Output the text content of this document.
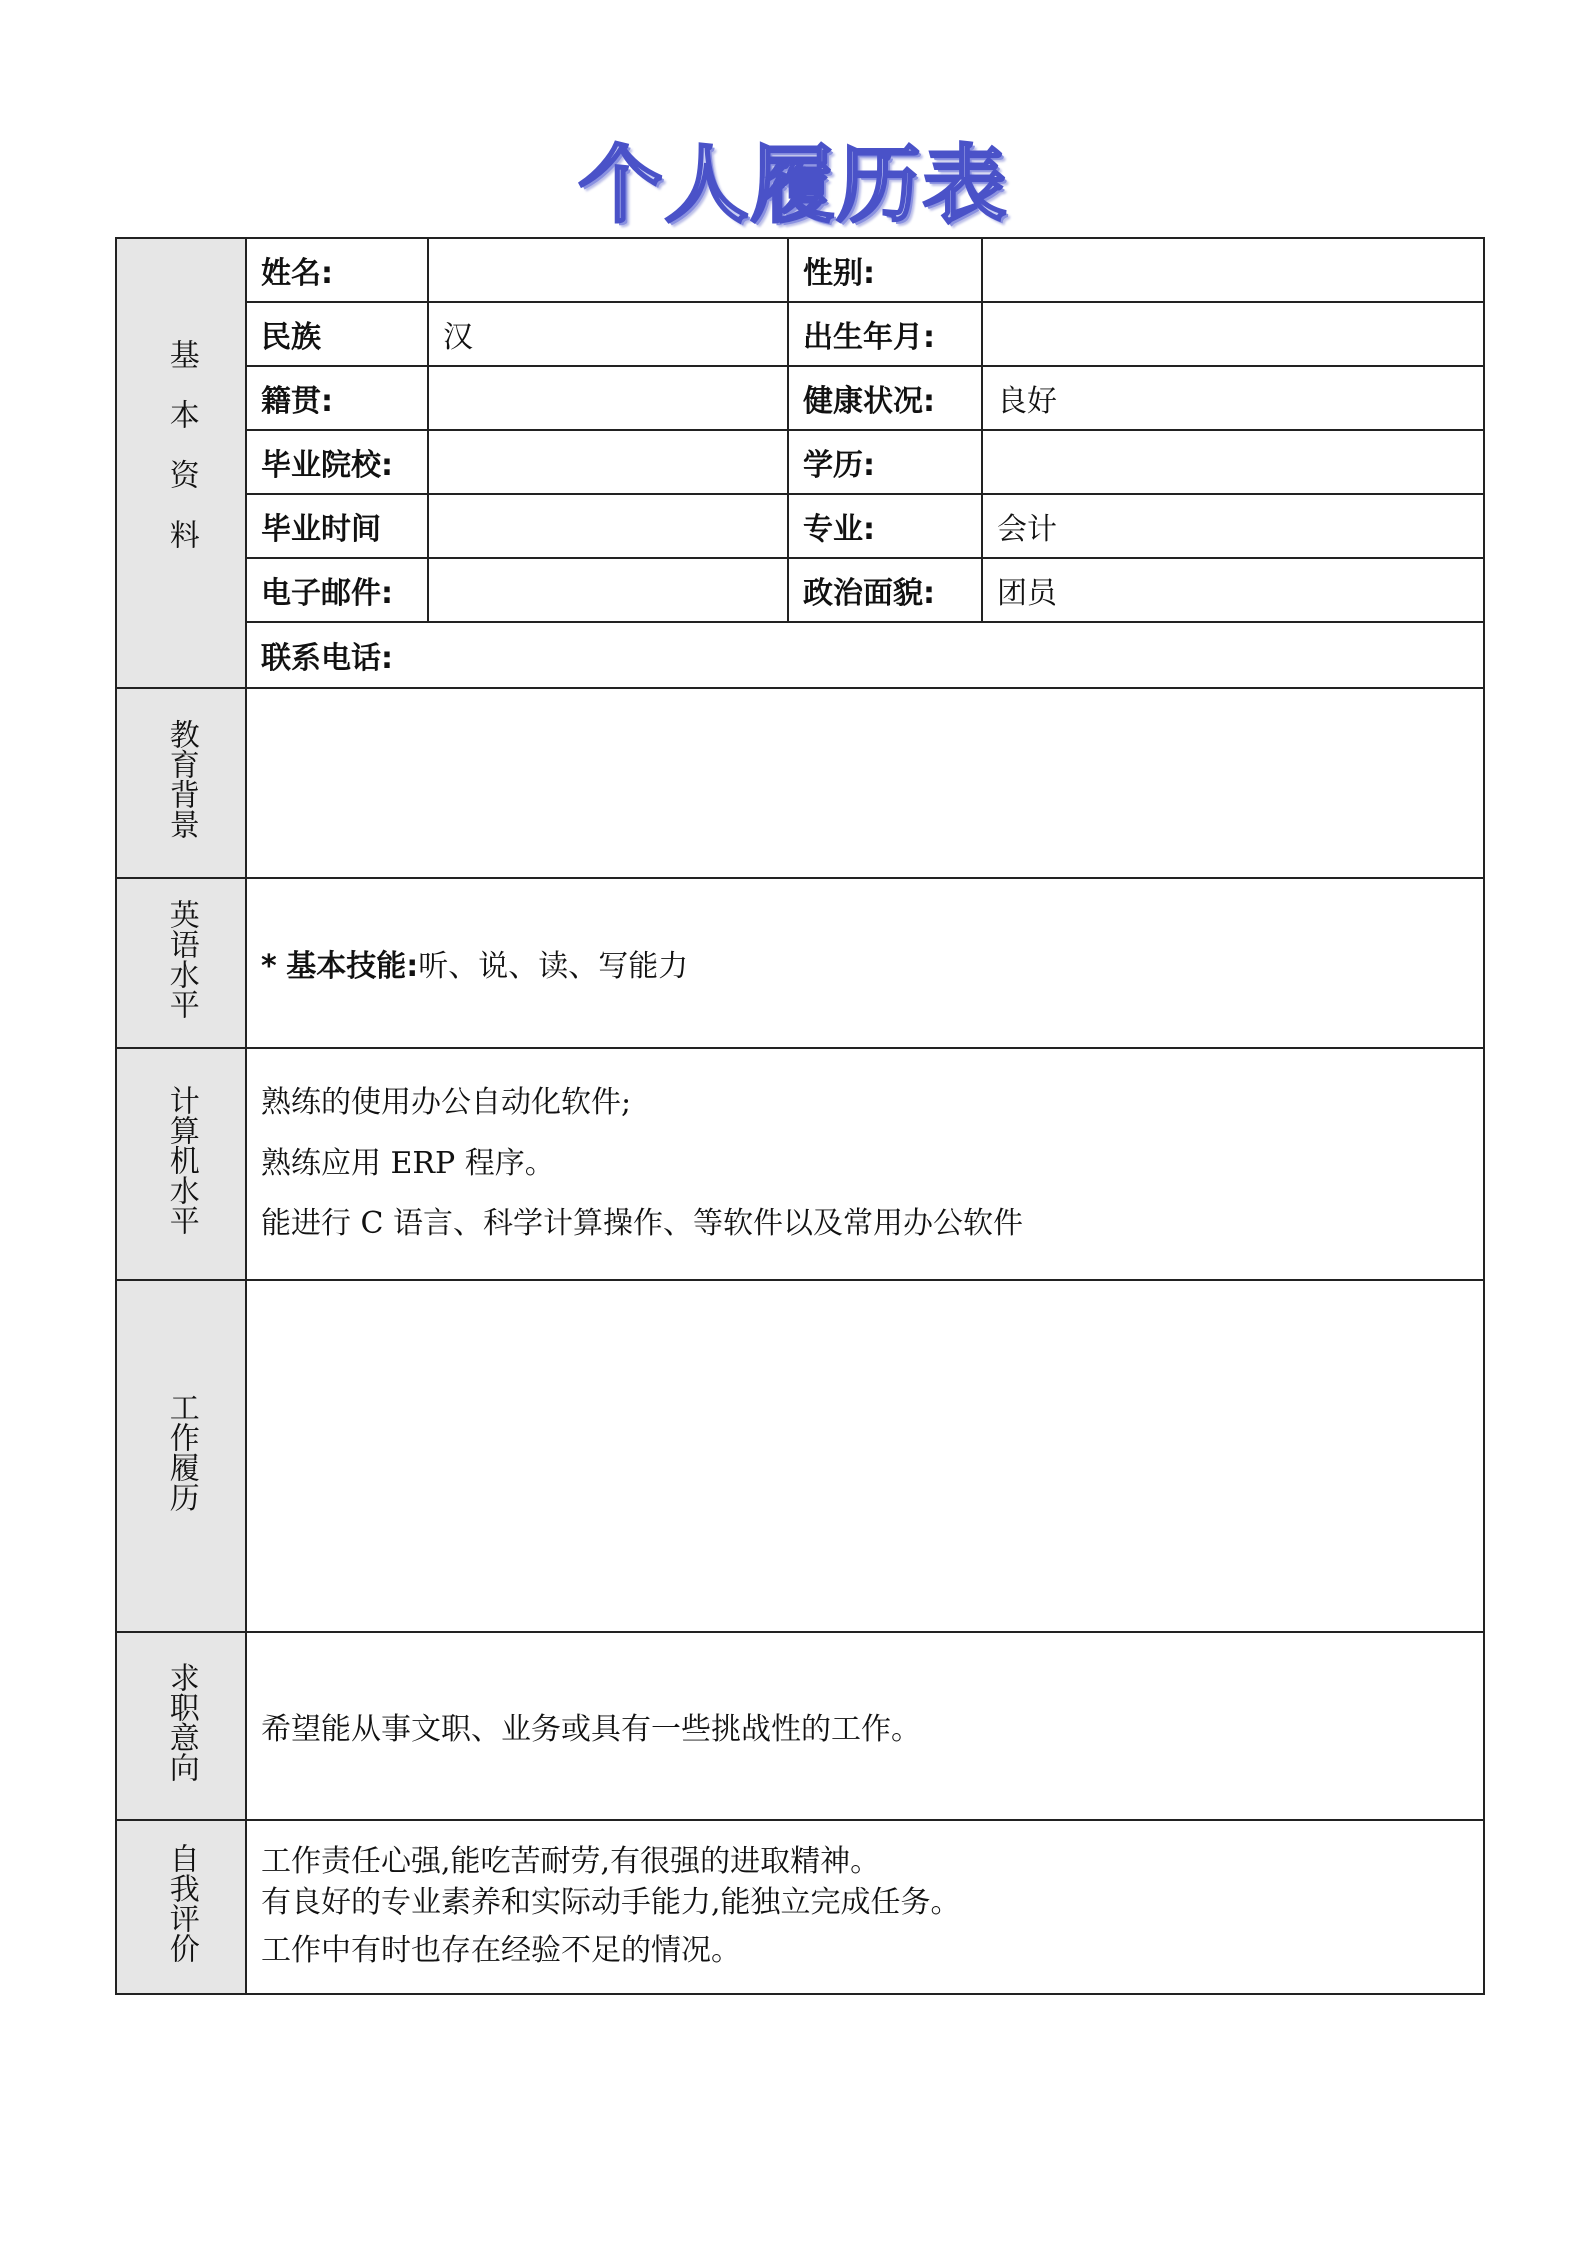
个人履历表
基本资料	姓名:		性别:	
	民族	汉	出生年月:	
	籍贯:		健康状况:	良好
	毕业院校:		学历:	
	毕业时间		专业:	会计
	电子邮件:		政治面貌:	团员
	联系电话:			
教育背景				
英语水平	* 基本技能:听、说、读、写能力			
计算机水平	熟练的使用办公自动化软件;
熟练应用 ERP 程序。
能进行 C 语言、科学计算操作、等软件以及常用办公软件			

工作履历				
求职意向	希望能从事文职、业务或具有一些挑战性的工作。			
自我评价	工作责任心强,能吃苦耐劳,有很强的进取精神。
有良好的专业素养和实际动手能力,能独立完成任务。
工作中有时也存在经验不足的情况。			
